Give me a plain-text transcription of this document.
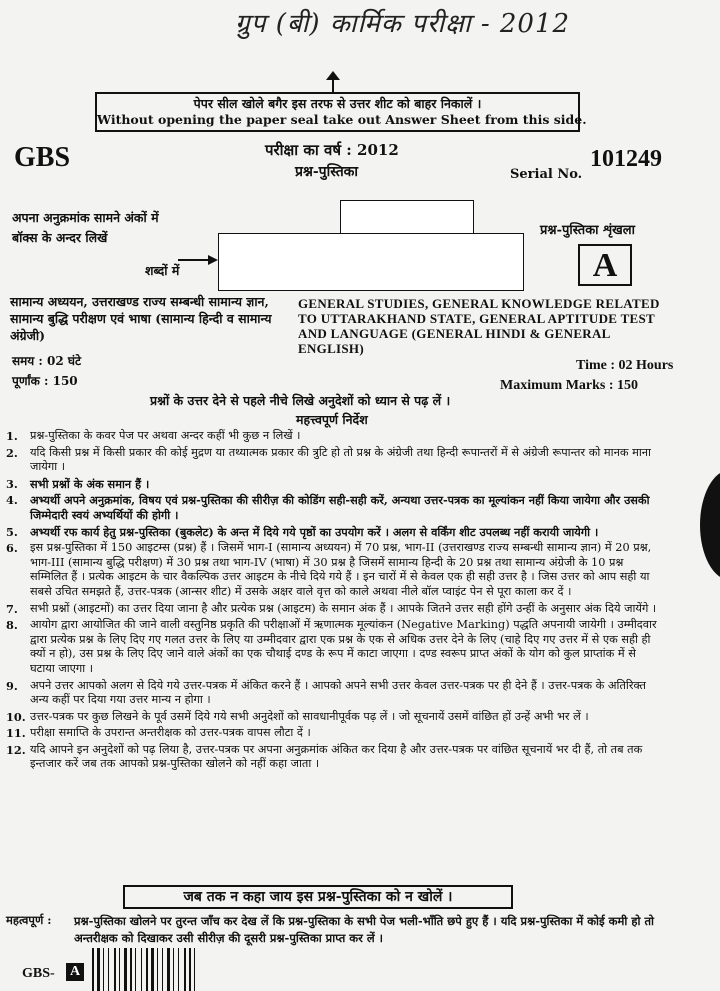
ग्रुप (बी) कार्मिक परीक्षा - 2012
पेपर सील खोले बगैर इस तरफ से उत्तर शीट को बाहर निकालें ।
Without opening the paper seal take out Answer Sheet from this side.
GBS	परीक्षा का वर्ष : 2012
प्रश्न-पुस्तिका	Serial No.
101249
अपना अनुक्रमांक सामने अंकों में
बॉक्स के अन्दर लिखें
शब्दों में
प्रश्न-पुस्तिका शृंखला
A
सामान्य अध्ययन, उत्तराखण्ड राज्य सम्बन्धी सामान्य ज्ञान, सामान्य बुद्धि परीक्षण एवं भाषा (सामान्य हिन्दी व सामान्य अंग्रेजी)
GENERAL STUDIES, GENERAL KNOWLEDGE RELATED TO UTTARAKHAND STATE, GENERAL APTITUDE TEST AND LANGUAGE (GENERAL HINDI & GENERAL ENGLISH)
समय : 02 घंटे
पूर्णांक : 150
Time : 02 Hours
Maximum Marks : 150
प्रश्नों के उत्तर देने से पहले नीचे लिखे अनुदेशों को ध्यान से पढ़ लें ।
महत्त्वपूर्ण निर्देश
1.	प्रश्न-पुस्तिका के कवर पेज पर अथवा अन्दर कहीं भी कुछ न लिखें ।
2.	यदि किसी प्रश्न में किसी प्रकार की कोई मुद्रण या तथ्यात्मक प्रकार की त्रुटि हो तो प्रश्न के अंग्रेजी तथा हिन्दी रूपान्तरों में से अंग्रेजी रूपान्तर को मानक माना जायेगा ।
3.	सभी प्रश्नों के अंक समान हैं ।
4.	अभ्यर्थी अपने अनुक्रमांक, विषय एवं प्रश्न-पुस्तिका की सीरीज़ की कोडिंग सही-सही करें, अन्यथा उत्तर-पत्रक का मूल्यांकन नहीं किया जायेगा और उसकी जिम्मेदारी स्वयं अभ्यर्थियों की होगी ।
5.	अभ्यर्थी रफ कार्य हेतु प्रश्न-पुस्तिका (बुकलेट) के अन्त में दिये गये पृष्ठों का उपयोग करें । अलग से वर्किंग शीट उपलब्ध नहीं करायी जायेगी ।
6.	इस प्रश्न-पुस्तिका में 150 आइटम्स (प्रश्न) हैं । जिसमें भाग-I (सामान्य अध्ययन) में 70 प्रश्न, भाग-II (उत्तराखण्ड राज्य सम्बन्धी सामान्य ज्ञान) में 20 प्रश्न, भाग-III (सामान्य बुद्धि परीक्षण) में 30 प्रश्न तथा भाग-IV (भाषा) में 30 प्रश्न है जिसमें सामान्य हिन्दी के 20 प्रश्न तथा सामान्य अंग्रेजी के 10 प्रश्न सम्मिलित हैं । प्रत्येक आइटम के चार वैकल्पिक उत्तर आइटम के नीचे दिये गये हैं । इन चारों में से केवल एक ही सही उत्तर है । जिस उत्तर को आप सही या सबसे उचित समझते हैं, उत्तर-पत्रक (आन्सर शीट) में उसके अक्षर वाले वृत्त को काले अथवा नीले बॉल प्वाइंट पेन से पूरा काला कर दें ।
7.	सभी प्रश्नों (आइटमों) का उत्तर दिया जाना है और प्रत्येक प्रश्न (आइटम) के समान अंक हैं । आपके जितने उत्तर सही होंगे उन्हीं के अनुसार अंक दिये जायेंगे ।
8.	आयोग द्वारा आयोजित की जाने वाली वस्तुनिष्ठ प्रकृति की परीक्षाओं में ऋणात्मक मूल्यांकन (Negative Marking) पद्धति अपनायी जायेगी । उम्मीदवार द्वारा प्रत्येक प्रश्न के लिए दिए गए गलत उत्तर के लिए या उम्मीदवार द्वारा एक प्रश्न के एक से अधिक उत्तर देने के लिए (चाहे दिए गए उत्तर में से एक सही ही क्यों न हो), उस प्रश्न के लिए दिए जाने वाले अंकों का एक चौथाई दण्ड के रूप में काटा जाएगा । दण्ड स्वरूप प्राप्त अंकों के योग को कुल प्राप्तांक में से घटाया जाएगा ।
9.	अपने उत्तर आपको अलग से दिये गये उत्तर-पत्रक में अंकित करने हैं । आपको अपने सभी उत्तर केवल उत्तर-पत्रक पर ही देने हैं । उत्तर-पत्रक के अतिरिक्त अन्य कहीं पर दिया गया उत्तर मान्य न होगा ।
10. उत्तर-पत्रक पर कुछ लिखने के पूर्व उसमें दिये गये सभी अनुदेशों को सावधानीपूर्वक पढ़ लें । जो सूचनायें उसमें वांछित हों उन्हें अभी भर लें ।
11. परीक्षा समाप्ति के उपरान्त अन्तरीक्षक को उत्तर-पत्रक वापस लौटा दें ।
12. यदि आपने इन अनुदेशों को पढ़ लिया है, उत्तर-पत्रक पर अपना अनुक्रमांक अंकित कर दिया है और उत्तर-पत्रक पर वांछित सूचनायें भर दी हैं, तो तब तक इन्तजार करें जब तक आपको प्रश्न-पुस्तिका खोलने को नहीं कहा जाता ।
जब तक न कहा जाय इस प्रश्न-पुस्तिका को न खोलें ।
महत्वपूर्ण : प्रश्न-पुस्तिका खोलने पर तुरन्त जाँच कर देख लें कि प्रश्न-पुस्तिका के सभी पेज भली-भाँति छपे हुए हैं । यदि प्रश्न-पुस्तिका में कोई कमी हो तो अन्तरीक्षक को दिखाकर उसी सीरीज़ की दूसरी प्रश्न-पुस्तिका प्राप्त कर लें ।
GBS- A
